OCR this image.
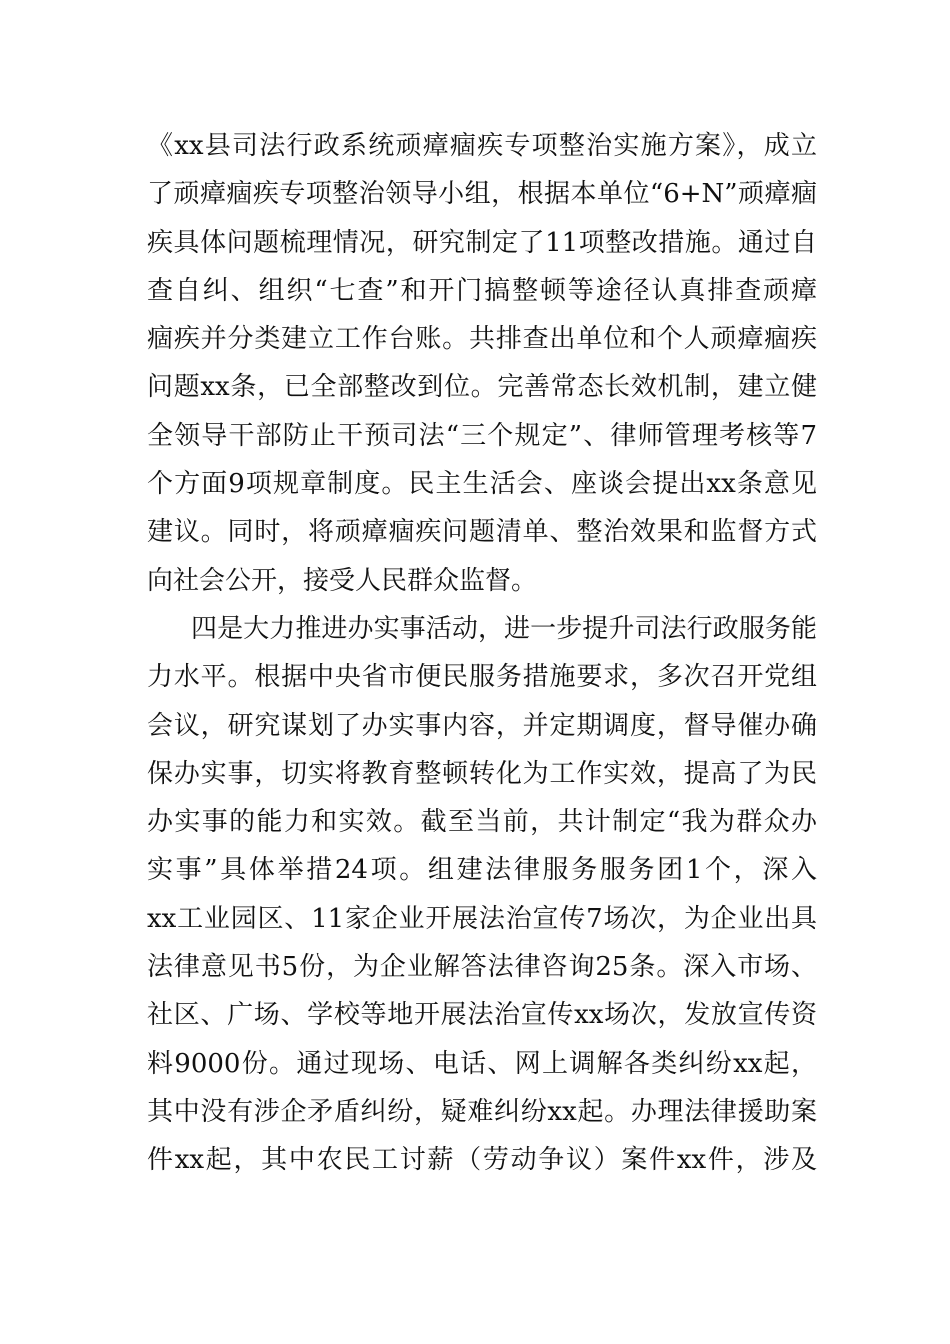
《xx县司法行政系统顽瘴痼疾专项整治实施方案》，成立
了顽瘴痼疾专项整治领导小组，根据本单位“6+N”顽瘴痼
疾具体问题梳理情况，研究制定了11项整改措施。通过自
查自纠、组织“七查”和开门搞整顿等途径认真排查顽瘴
痼疾并分类建立工作台账。共排查出单位和个人顽瘴痼疾
问题xx条，已全部整改到位。完善常态长效机制，建立健
全领导干部防止干预司法“三个规定”、律师管理考核等7
个方面9项规章制度。民主生活会、座谈会提出xx条意见
建议。同时，将顽瘴痼疾问题清单、整治效果和监督方式
向社会公开，接受人民群众监督。
四是大力推进办实事活动，进一步提升司法行政服务能
力水平。根据中央省市便民服务措施要求，多次召开党组
会议，研究谋划了办实事内容，并定期调度，督导催办确
保办实事，切实将教育整顿转化为工作实效，提高了为民
办实事的能力和实效。截至当前，共计制定“我为群众办
实事”具体举措24项。组建法律服务服务团1个，深入
xx工业园区、11家企业开展法治宣传7场次，为企业出具
法律意见书5份，为企业解答法律咨询25条。深入市场、
社区、广场、学校等地开展法治宣传xx场次，发放宣传资
料9000份。通过现场、电话、网上调解各类纠纷xx起，
其中没有涉企矛盾纠纷，疑难纠纷xx起。办理法律援助案
件xx起，其中农民工讨薪（劳动争议）案件xx件，涉及
